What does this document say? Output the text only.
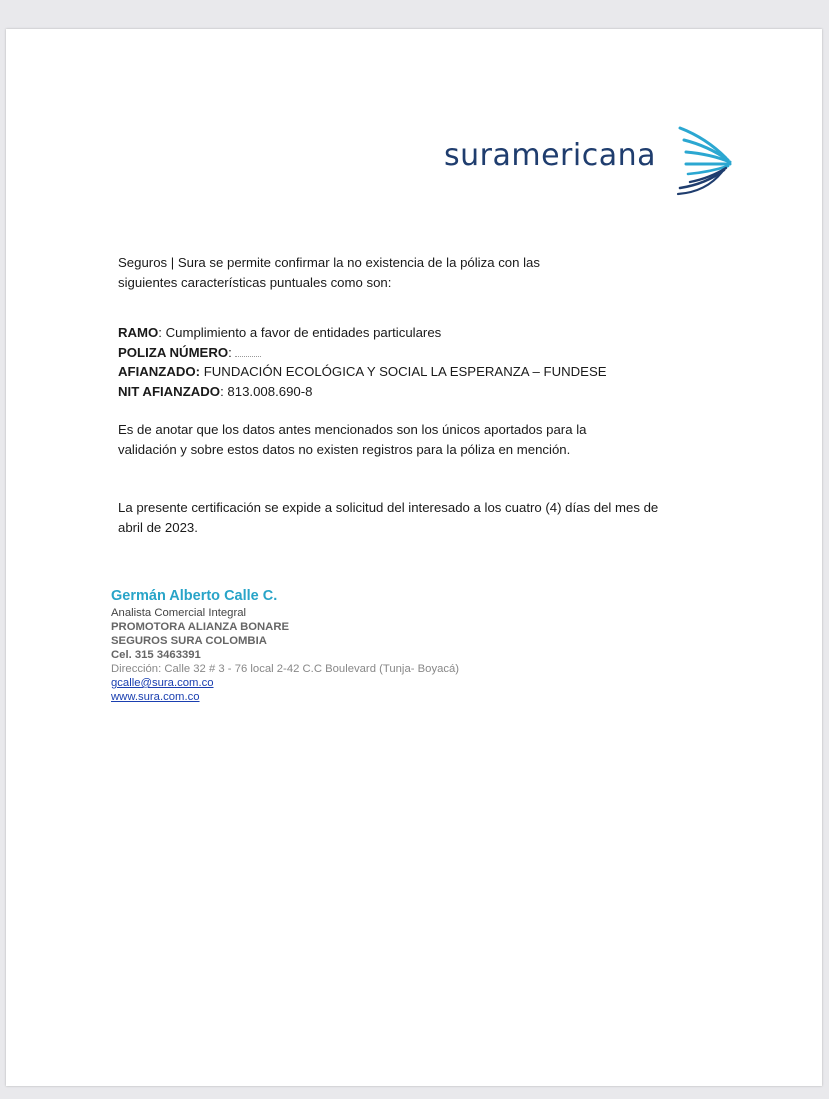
suramericana
Seguros | Sura se permite confirmar la no existencia de la póliza con las
siguientes características puntuales como son:
RAMO: Cumplimiento a favor de entidades particulares
POLIZA NÚMERO:
AFIANZADO: FUNDACIÓN ECOLÓGICA Y SOCIAL LA ESPERANZA – FUNDESE
NIT AFIANZADO: 813.008.690-8
Es de anotar que los datos antes mencionados son los únicos aportados para la
validación y sobre estos datos no existen registros para la póliza en mención.
La presente certificación se expide a solicitud del interesado a los cuatro (4) días del mes de
abril de 2023.
Germán Alberto Calle C.
Analista Comercial Integral
PROMOTORA ALIANZA BONARE
SEGUROS SURA COLOMBIA
Cel. 315 3463391
Dirección: Calle 32 # 3 - 76 local 2-42 C.C Boulevard (Tunja- Boyacá)
gcalle@sura.com.co
www.sura.com.co
